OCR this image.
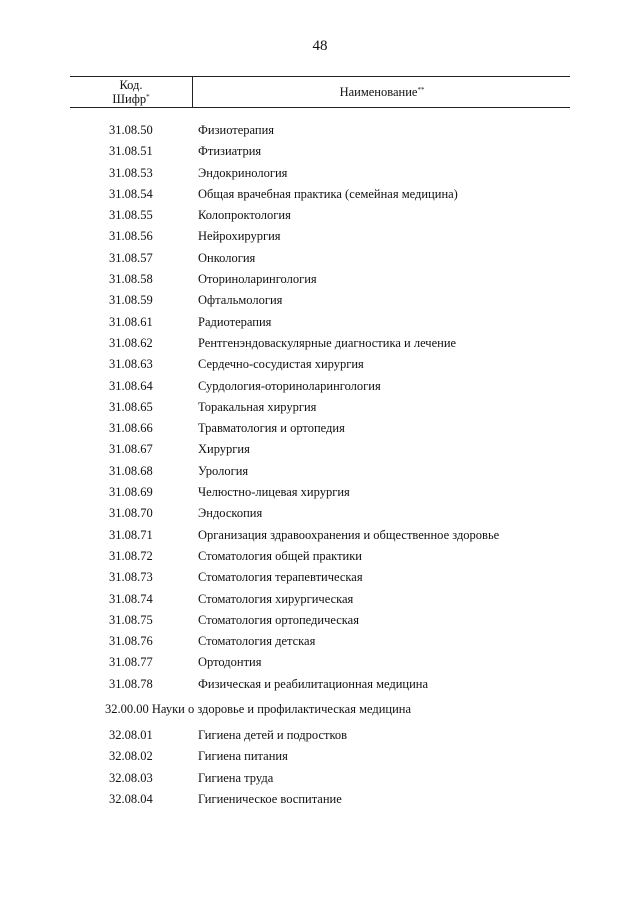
48
Код.
Шифр*	Наименование**
31.08.50	Физиотерапия
31.08.51	Фтизиатрия
31.08.53	Эндокринология
31.08.54	Общая врачебная практика (семейная медицина)
31.08.55	Колопроктология
31.08.56	Нейрохирургия
31.08.57	Онкология
31.08.58	Оториноларингология
31.08.59	Офтальмология
31.08.61	Радиотерапия
31.08.62	Рентгенэндоваскулярные диагностика и лечение
31.08.63	Сердечно-сосудистая хирургия
31.08.64	Сурдология-оториноларингология
31.08.65	Торакальная хирургия
31.08.66	Травматология и ортопедия
31.08.67	Хирургия
31.08.68	Урология
31.08.69	Челюстно-лицевая хирургия
31.08.70	Эндоскопия
31.08.71	Организация здравоохранения и общественное здоровье
31.08.72	Стоматология общей практики
31.08.73	Стоматология терапевтическая
31.08.74	Стоматология хирургическая
31.08.75	Стоматология ортопедическая
31.08.76	Стоматология детская
31.08.77	Ортодонтия
31.08.78	Физическая и реабилитационная медицина
32.00.00 Науки о здоровье и профилактическая медицина
32.08.01	Гигиена детей и подростков
32.08.02	Гигиена питания
32.08.03	Гигиена труда
32.08.04	Гигиеническое воспитание
